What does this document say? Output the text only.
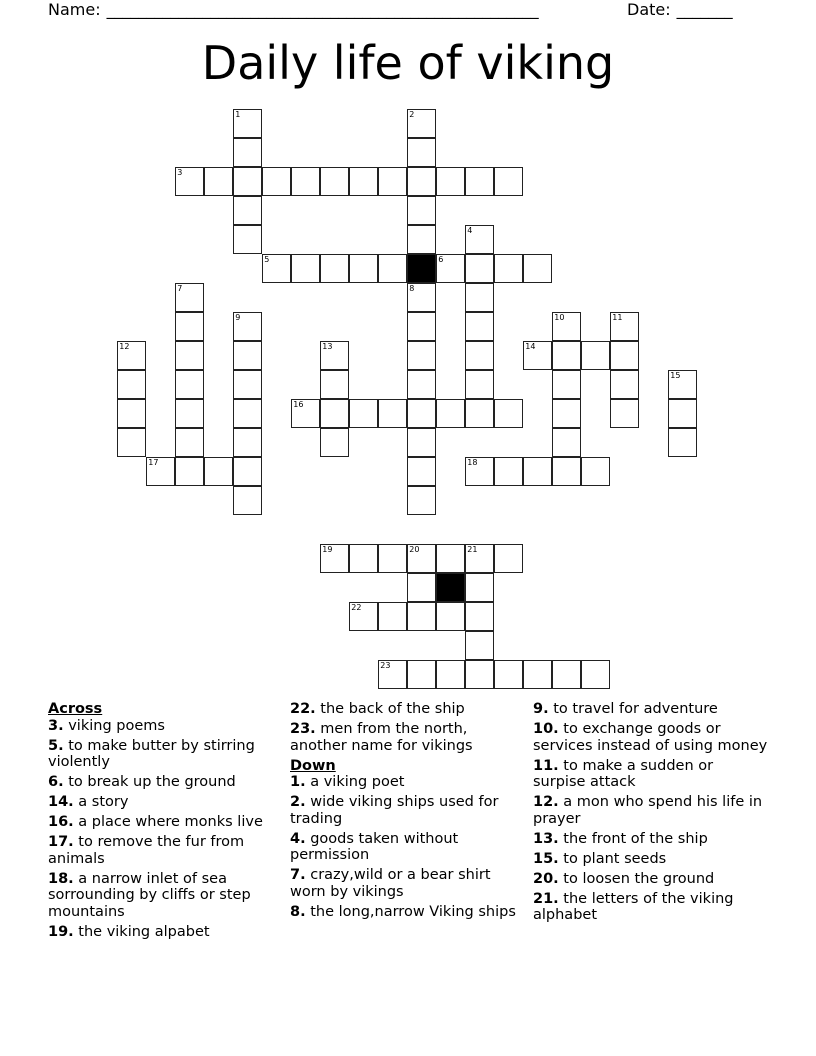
Name: ______________________________________________________	Date: _______
Daily life of viking
1	2
3
4
5	6
7	8
9	10	11
12	13	14
15
16
17	18
19	20	21
22
23
Across

3. viking poems

5. to make butter by stirring violently

6. to break up the ground

14. a story

16. a place where monks live

17. to remove the fur from animals

18. a narrow inlet of sea sorrounding by cliffs or step mountains

19. the viking alpabet

22. the back of the ship

23. men from the north, another name for vikings

Down

1. a viking poet

2. wide viking ships used for trading

4. goods taken without permission

7. crazy,wild or a bear shirt worn by vikings

8. the long,narrow Viking ships

9. to travel for adventure

10. to exchange goods or services instead of using money

11. to make a sudden or surpise attack

12. a mon who spend his life in prayer

13. the front of the ship

15. to plant seeds

20. to loosen the ground

21. the letters of the viking alphabet
